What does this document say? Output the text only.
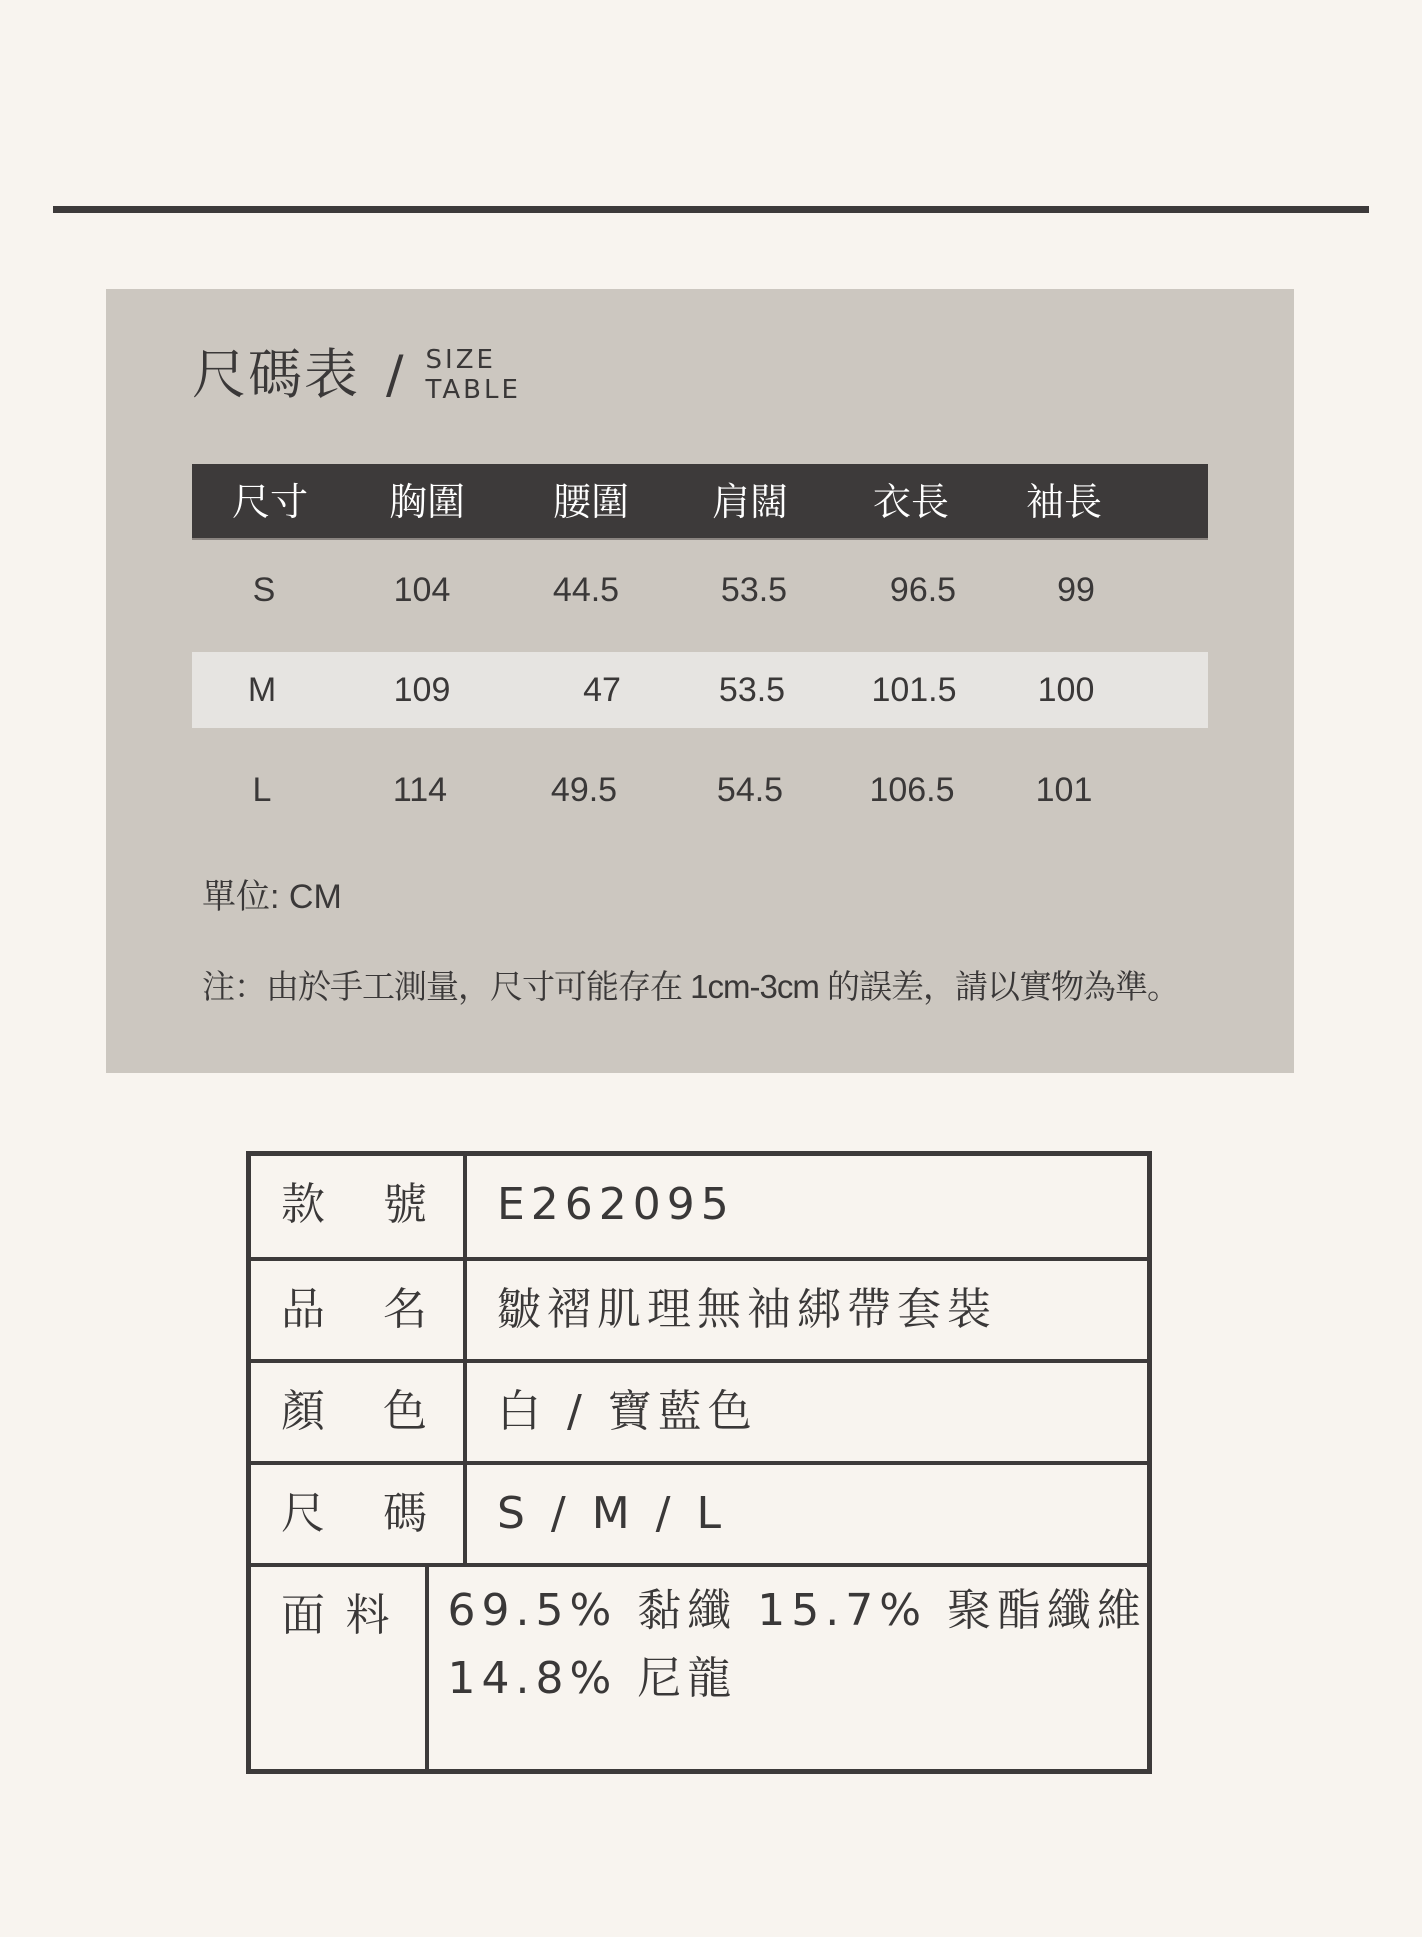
尺碼表 / SIZE
TABLE
尺寸 胸圍 腰圍 肩闊 衣長 袖長
S	104	44.5	53.5	96.5	99
M	109	47	53.5	101.5 100
L	114	49.5	54.5	106.5 101
單位: CM
注：由於手工測量，尺寸可能存在 1cm-3cm 的誤差，請以實物為準。
款 號	E262095
品 名	皺褶肌理無袖綁帶套裝
顏 色	白 / 寶藍色
尺 碼	S / M / L
面 料 69.5% 黏纖 15.7% 聚酯纖維
14.8% 尼龍
